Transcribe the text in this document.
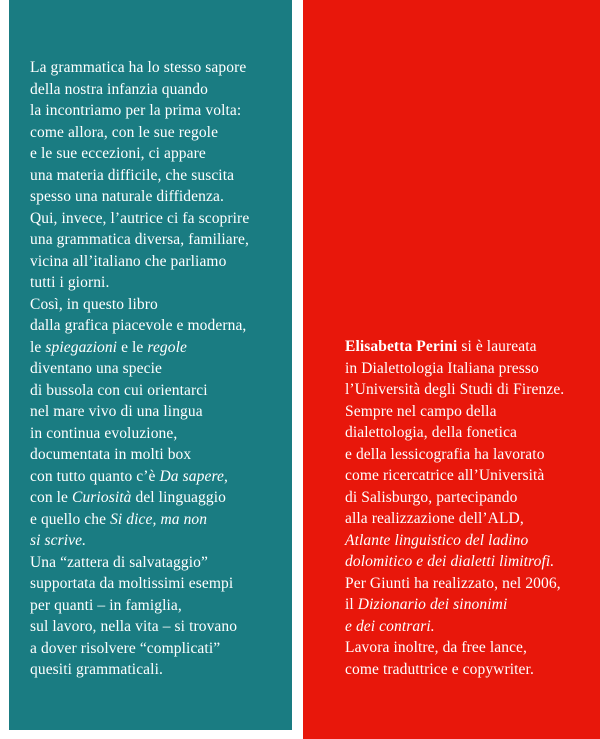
La grammatica ha lo stesso sapore
della nostra infanzia quando
la incontriamo per la prima volta:
come allora, con le sue regole
e le sue eccezioni, ci appare
una materia difficile, che suscita
spesso una naturale diffidenza.
Qui, invece, l’autrice ci fa scoprire
una grammatica diversa, familiare,
vicina all’italiano che parliamo
tutti i giorni.
Così, in questo libro
dalla grafica piacevole e moderna,
le spiegazioni e le regole
diventano una specie
di bussola con cui orientarci
nel mare vivo di una lingua
in continua evoluzione,
documentata in molti box
con tutto quanto c’è Da sapere,
con le Curiosità del linguaggio
e quello che Si dice, ma non
si scrive.
Una “zattera di salvataggio”
supportata da moltissimi esempi
per quanti – in famiglia,
sul lavoro, nella vita – si trovano
a dover risolvere “complicati”
quesiti grammaticali.
Elisabetta Perini si è laureata
in Dialettologia Italiana presso
l’Università degli Studi di Firenze.
Sempre nel campo della
dialettologia, della fonetica
e della lessicografia ha lavorato
come ricercatrice all’Università
di Salisburgo, partecipando
alla realizzazione dell’ALD,
Atlante linguistico del ladino
dolomitico e dei dialetti limitrofi.
Per Giunti ha realizzato, nel 2006,
il Dizionario dei sinonimi
e dei contrari.
Lavora inoltre, da free lance,
come traduttrice e copywriter.
